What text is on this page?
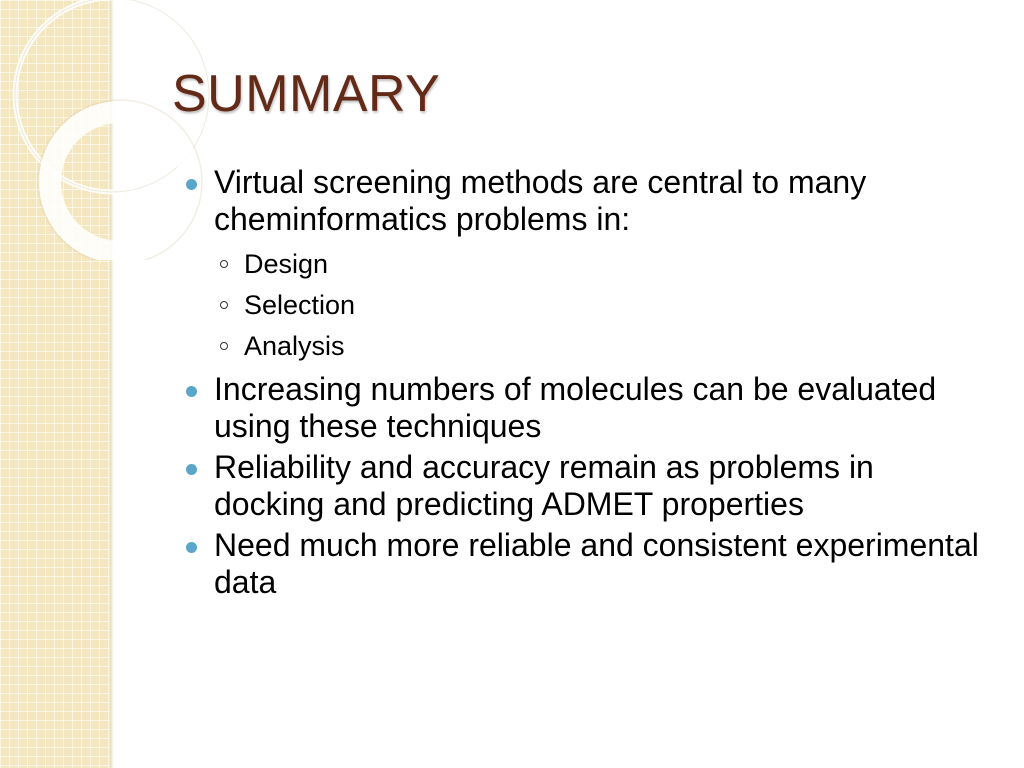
SUMMARY
Virtual screening methods are central to many cheminformatics problems in:
Design
Selection
Analysis
Increasing numbers of molecules can be evaluated using these techniques
Reliability and accuracy remain as problems in docking and predicting ADMET properties
Need much more reliable and consistent experimental data
